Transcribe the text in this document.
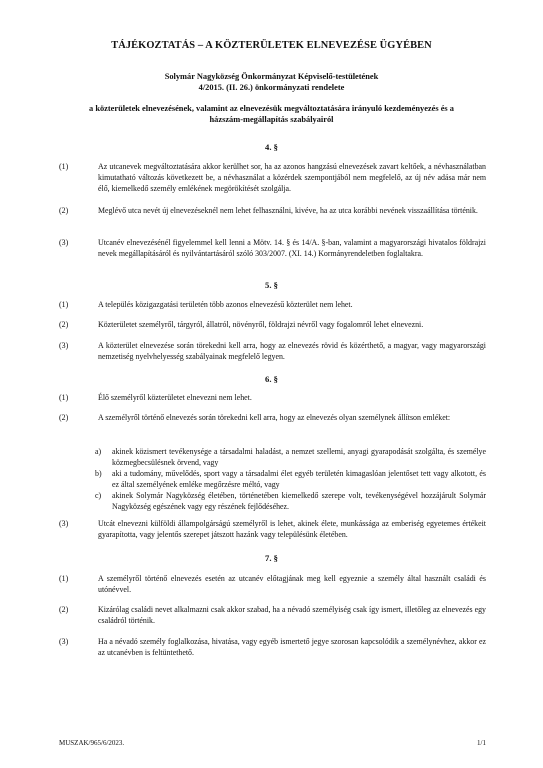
TÁJÉKOZTATÁS – A KÖZTERÜLETEK ELNEVEZÉSE ÜGYÉBEN
Solymár Nagyközség Önkormányzat Képviselő-testületének
4/2015. (II. 26.) önkormányzati rendelete
a közterületek elnevezésének, valamint az elnevezésük megváltoztatására irányuló kezdeményezés és a
házszám-megállapítás szabályairól
4. §
(1)	Az utcanevek megváltoztatására akkor kerülhet sor, ha az azonos hangzású elnevezések zavart keltőek, a névhasználatban kimutatható változás következett be, a névhasználat a közérdek szempontjából nem megfelelő, az új név adása már nem élő, kiemelkedő személy emlékének megörökítését szolgálja.
(2)	Meglévő utca nevét új elnevezéseknél nem lehet felhasználni, kivéve, ha az utca korábbi nevének visszaállítása történik.
(3)	Utcanév elnevezésénél figyelemmel kell lenni a Mötv. 14. § és 14/A. §-ban, valamint a magyarországi hivatalos földrajzi nevek megállapításáról és nyilvántartásáról szóló 303/2007. (XI. 14.) Kormányrendeletben foglaltakra.
5. §
(1)	A település közigazgatási területén több azonos elnevezésű közterület nem lehet.
(2)	Közterületet személyről, tárgyról, állatról, növényről, földrajzi névről vagy fogalomról lehet elnevezni.
(3)	A közterület elnevezése során törekedni kell arra, hogy az elnevezés rövid és közérthető, a magyar, vagy magyarországi nemzetiség nyelvhelyesség szabályainak megfelelő legyen.
6. §
(1)	Élő személyről közterületet elnevezni nem lehet.
(2)	A személyről történő elnevezés során törekedni kell arra, hogy az elnevezés olyan személynek állítson emléket:
a) akinek közismert tevékenysége a társadalmi haladást, a nemzet szellemi, anyagi gyarapodását szolgálta, és személye közmegbecsülésnek örvend, vagy
b) aki a tudomány, művelődés, sport vagy a társadalmi élet egyéb területén kimagaslóan jelentőset tett vagy alkotott, és ez által személyének emléke megőrzésre méltó, vagy
c) akinek Solymár Nagyközség életében, történetében kiemelkedő szerepe volt, tevékenységével hozzájárult Solymár Nagyközség egészének vagy egy részének fejlődéséhez.
(3)	Utcát elnevezni külföldi állampolgárságú személyről is lehet, akinek élete, munkássága az emberiség egyetemes értékeit gyarapította, vagy jelentős szerepet játszott hazánk vagy településünk életében.
7. §
(1)	A személyről történő elnevezés esetén az utcanév előtagjának meg kell egyeznie a személy által használt családi és utónévvel.
(2)	Kizárólag családi nevet alkalmazni csak akkor szabad, ha a névadó személyiség csak így ismert, illetőleg az elnevezés egy családról történik.
(3)	Ha a névadó személy foglalkozása, hivatása, vagy egyéb ismertető jegye szorosan kapcsolódik a személynévhez, akkor ez az utcanévben is feltüntethető.
MUSZAK/965/6/2023.	1/1
